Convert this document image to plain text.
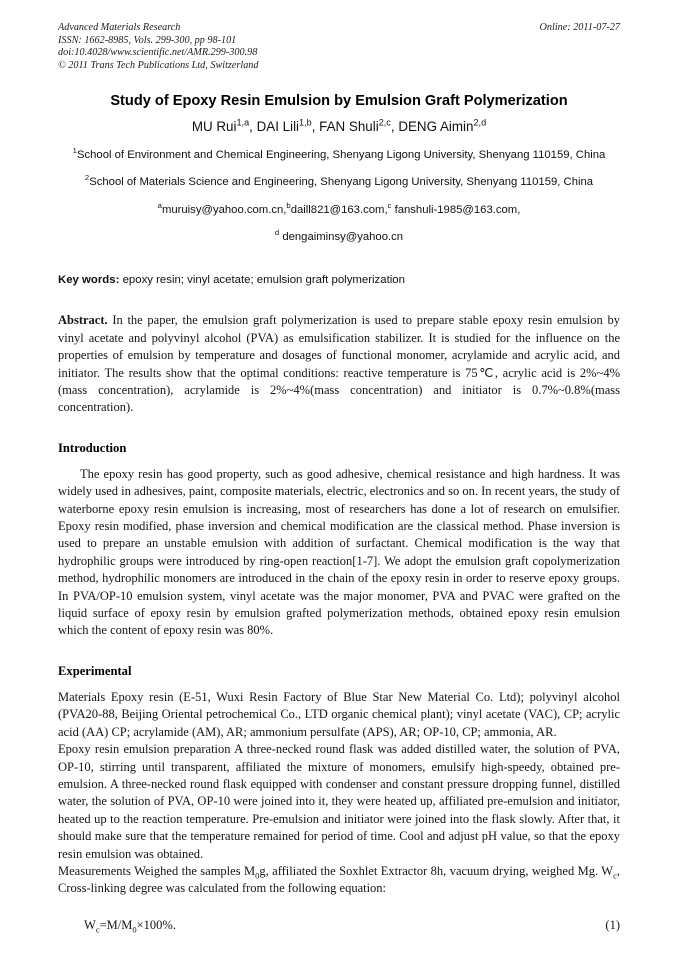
Online: 2011-07-27
Advanced Materials Research
ISSN: 1662-8985, Vols. 299-300, pp 98-101
doi:10.4028/www.scientific.net/AMR.299-300.98
© 2011 Trans Tech Publications Ltd, Switzerland
Study of Epoxy Resin Emulsion by Emulsion Graft Polymerization
MU Rui$^{1,a}$, DAI Lili$^{1,b}$, FAN Shuli$^{2,c}$, DENG Aimin$^{2,d}$
$^1$School of Environment and Chemical Engineering, Shenyang Ligong University, Shenyang 110159, China
$^2$School of Materials Science and Engineering, Shenyang Ligong University, Shenyang 110159, China
$^a$muruisy@yahoo.com.cn,$^b$daill821@163.com,$^c$ fanshuli-1985@163.com,
$^d$ dengaiminsy@yahoo.cn
Key words: epoxy resin; vinyl acetate; emulsion graft polymerization
Abstract. In the paper, the emulsion graft polymerization is used to prepare stable epoxy resin emulsion by vinyl acetate and polyvinyl alcohol (PVA) as emulsification stabilizer. It is studied for the influence on the properties of emulsion by temperature and dosages of functional monomer, acrylamide and acrylic acid, and initiator. The results show that the optimal conditions: reactive temperature is 75℃, acrylic acid is 2%~4%(mass concentration), acrylamide is 2%~4%(mass concentration) and initiator is 0.7%~0.8%(mass concentration).
Introduction

The epoxy resin has good property, such as good adhesive, chemical resistance and high hardness. It was widely used in adhesives, paint, composite materials, electric, electronics and so on. In recent years, the study of waterborne epoxy resin emulsion is increasing, most of researchers has done a lot of research on emulsifier. Epoxy resin modified, phase inversion and chemical modification are the classical method. Phase inversion is used to prepare an unstable emulsion with addition of surfactant. Chemical modification is the way that hydrophilic groups were introduced by ring-open reaction[1-7]. We adopt the emulsion graft copolymerization method, hydrophilic monomers are introduced in the chain of the epoxy resin in order to reserve epoxy groups. In PVA/OP-10 emulsion system, vinyl acetate was the major monomer, PVA and PVAC were grafted on the liquid surface of epoxy resin by emulsion grafted polymerization methods, obtained epoxy resin emulsion which the content of epoxy resin was 80%.

Experimental

Materials Epoxy resin (E-51, Wuxi Resin Factory of Blue Star New Material Co. Ltd); polyvinyl alcohol (PVA20-88, Beijing Oriental petrochemical Co., LTD organic chemical plant); vinyl acetate (VAC), CP; acrylic acid (AA) CP; acrylamide (AM), AR; ammonium persulfate (APS), AR; OP-10, CP; ammonia, AR.

Epoxy resin emulsion preparation A three-necked round flask was added distilled water, the solution of PVA, OP-10, stirring until transparent, affiliated the mixture of monomers, emulsify high-speedy, obtained pre-emulsion. A three-necked round flask equipped with condenser and constant pressure dropping funnel, distilled water, the solution of PVA, OP-10 were joined into it, they were heated up, affiliated pre-emulsion and initiator, heated up to the reaction temperature. Pre-emulsion and initiator were joined into the flask slowly. After that, it should make sure that the temperature remained for period of time. Cool and adjust pH value, so that the epoxy resin emulsion was obtained.

Measurements Weighed the samples $M_0g$, affiliated the Soxhlet Extractor 8h, vacuum drying, weighed Mg. $W_c$, Cross-linking degree was calculated from the following equation:

$W_c=M/M_0\times 100\%$.	(1)
